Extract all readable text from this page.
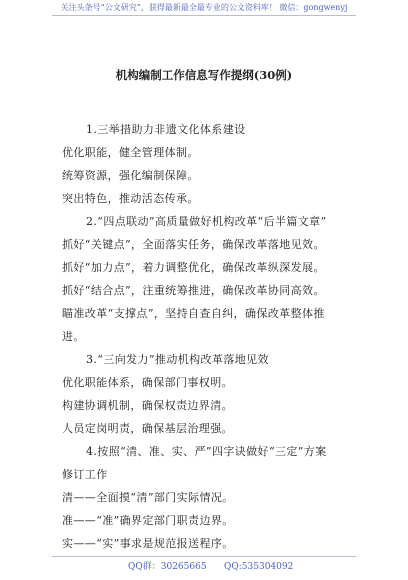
关注头条号“公文研究”，获得最新最全最专业的公文资料库！ 微信：gongwenyj
机构编制工作信息写作提纲(30例)
1.三举措助力非遗文化体系建设
优化职能，健全管理体制。
统筹资源，强化编制保障。
突出特色，推动活态传承。
2.“四点联动”高质量做好机构改革“后半篇文章”
抓好“关键点”，全面落实任务，确保改革落地见效。
抓好“加力点”，着力调整优化，确保改革纵深发展。
抓好“结合点”，注重统筹推进，确保改革协同高效。
瞄准改革“支撑点”，坚持自查自纠，确保改革整体推
进。
3.“三向发力”推动机构改革落地见效
优化职能体系，确保部门事权明。
构建协调机制，确保权责边界清。
人员定岗明责，确保基层治理强。
4.按照“清、准、实、严”四字诀做好“三定”方案
修订工作
清——全面摸“清”部门实际情况。
准——“准”确界定部门职责边界。
实——“实”事求是规范报送程序。
QQ群：30265665 QQ:535304092
